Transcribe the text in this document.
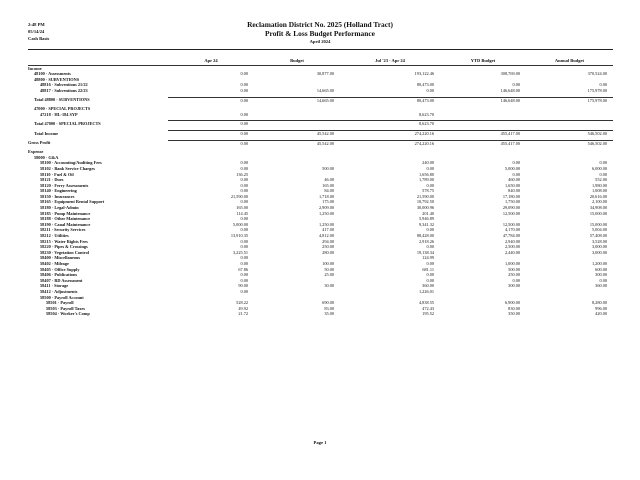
2:48 PM
05/14/24
Cash Basis
Reclamation District No. 2025 (Holland Tract)
Profit & Loss Budget Performance
April 2024
	Apr 24	Budget	Jul '23 - Apr 24	YTD Budget	Annual Budget
Income					
48100 · Assessments	0.00	30,877.00	193,122.46	308,769.00	370,524.00
48800 · SUBVENTIONS					
48816 · Subventions 21/22	0.00		80,473.00	0.00	0.00
48817 · Subventions 22/23	0.00	14,665.00	0.00	146,648.00	175,978.00

Total 48800 · SUBVENTIONS	0.00	14,665.00	80,473.00	146,648.00	175,978.00

47000 · SPECIAL PROJECTS					
47218 · HL-184 SYP	0.00		8,623.70		

Total 47000 · SPECIAL PROJECTS	0.00		8,623.70		

Total Income	0.00	45,542.00	274,220.16	455,417.00	546,502.00

Gross Profit	0.00	45,542.00	274,220.16	455,417.00	546,502.00

Expense					
58000 · G&A					
58100 · Accounting/Auditing Fees	0.00		240.00	0.00	0.00
58102 · Bank Service Charges	0.00	500.00	0.00	5,000.00	6,000.00
58110 · Fuel & Oil	136.25		1,656.80	0.00	0.00
58121 · Dues	0.00	46.00	1,789.00	460.00	552.00
58120 · Ferry Assessments	0.00	165.00	0.00	1,650.00	1,980.00
58140 · Engineering	0.00	84.00	578.75	840.00	1,008.00
58150 · Insurances	21,590.00	1,718.00	21,590.00	17,180.00	20,616.00
58165 · Equipment Rental Support	0.00	175.00	10,792.50	1,750.00	2,100.00
58180 · Legal-Admin	165.00	2,909.00	30,000.96	29,090.00	34,908.00
58185 · Pump Maintenance	114.45	1,250.00	201.40	12,500.00	15,000.00
58188 · Other Maintenance	0.00		5,946.89		
58190 · Canal Maintenance	5,000.00	1,250.00	9,341.32	12,500.00	15,000.00
58211 · Security Services	0.00	417.00	0.00	4,170.00	5,004.00
58212 · Utilities	13,910.35	4,812.00	88,428.00	47,784.00	57,408.00
58215 · Water Rights Fees	0.00	294.00	2,918.26	2,940.00	3,528.00
58220 · Pipes & Crossings	0.00	250.00	0.00	2,500.00	3,000.00
58230 · Vegetation Control	3,225.51	280.00	19,138.34	2,440.00	3,000.00
58400 · Miscellaneous	0.00		124.99		
58402 · Mileage	0.00	100.00	0.00	1,000.00	1,200.00
58405 · Office Supply	67.86	50.00	681.11	500.00	600.00
58406 · Publications	0.00	25.00	0.00	250.00	300.00
58407 · RD Assessment	0.00		0.00	0.00	0.00
58411 · Storage	90.00	30.00	360.00	300.00	360.00
58412 · Adjustments	0.00		1,226.01		
58500 · Payroll Account					
58501 · Payroll	528.22	690.00	4,838.55	6,900.00	8,280.00
58503 · Payroll Taxes	49.92	83.00	472.43	830.00	996.00
58504 · Worker's Comp	21.72	35.00	195.52	350.00	420.00
Page 1
